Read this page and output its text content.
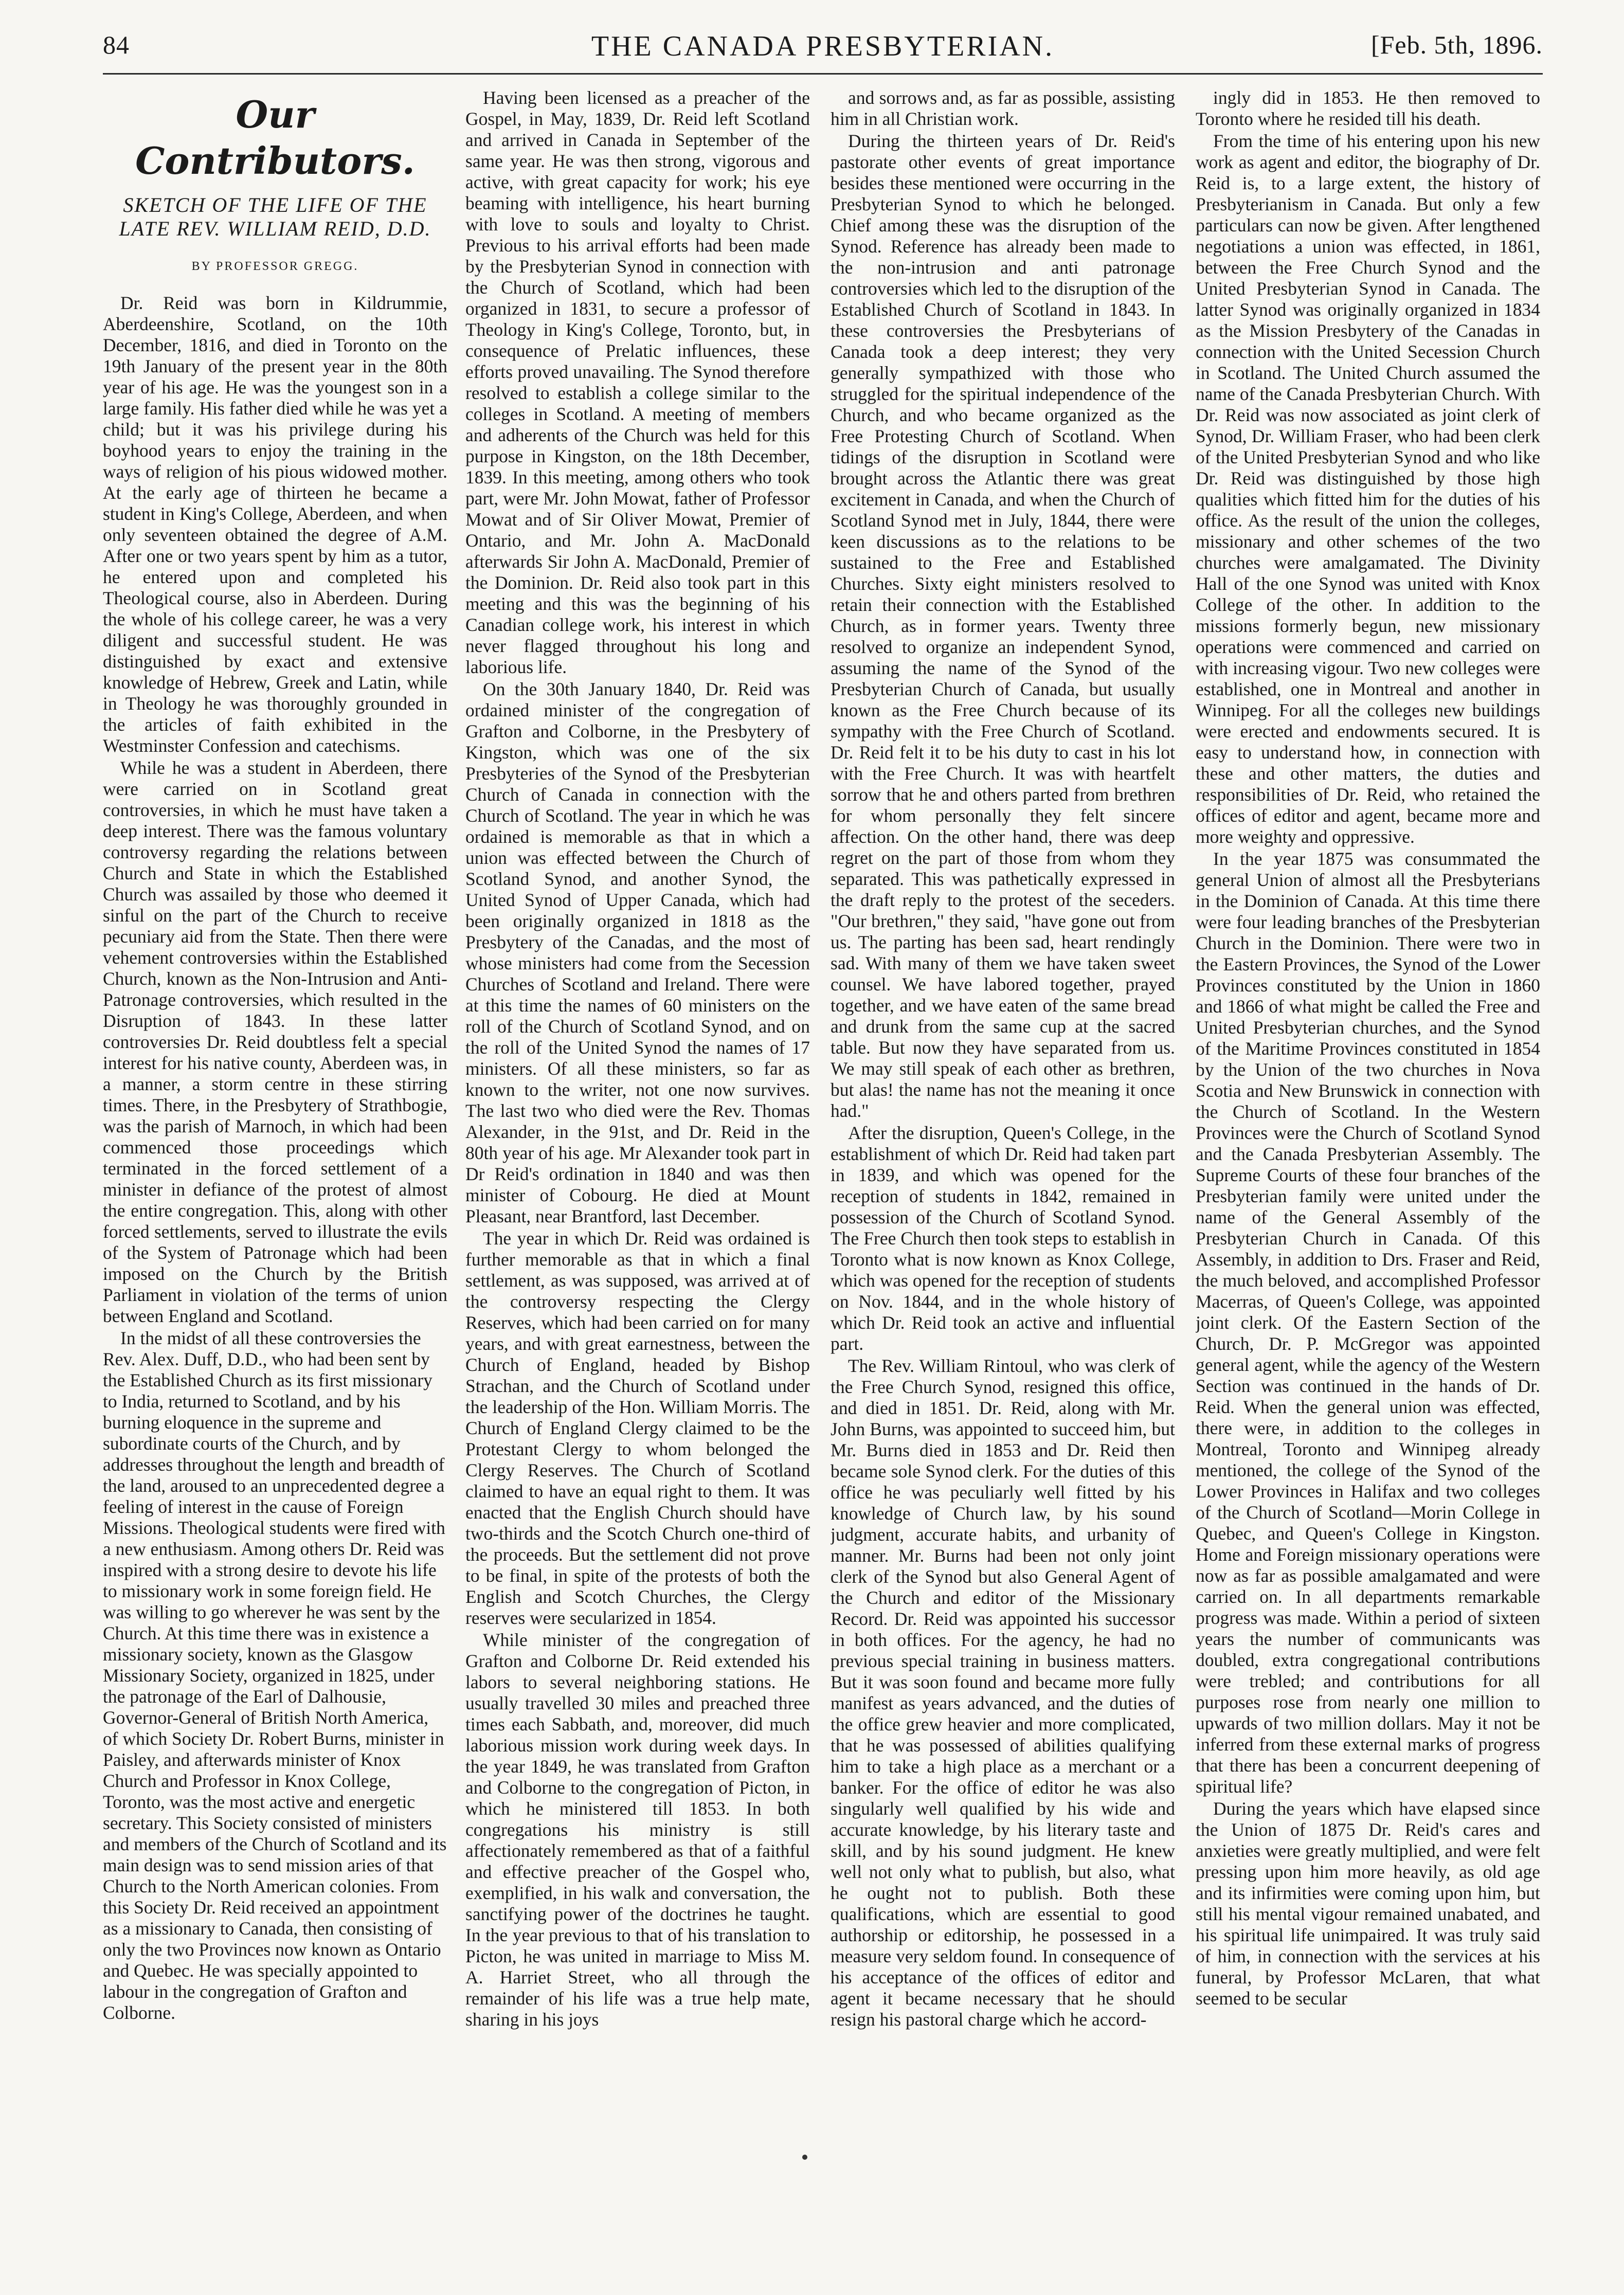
84	THE CANADA PRESBYTERIAN.	[Feb. 5th, 1896.
Our Contributors.
SKETCH OF THE LIFE OF THE LATE REV. WILLIAM REID, D.D.
BY PROFESSOR GREGG.

Dr. Reid was born in Kildrummie, Aberdeenshire, Scotland, on the 10th December, 1816, and died in Toronto on the 19th January of the present year in the 80th year of his age. He was the youngest son in a large family. His father died while he was yet a child; but it was his privilege during his boyhood years to enjoy the training in the ways of religion of his pious widowed mother. At the early age of thirteen he became a student in King's College, Aberdeen, and when only seventeen obtained the degree of A.M. After one or two years spent by him as a tutor, he entered upon and completed his Theological course, also in Aberdeen. During the whole of his college career, he was a very diligent and successful student. He was distinguished by exact and extensive knowledge of Hebrew, Greek and Latin, while in Theology he was thoroughly grounded in the articles of faith exhibited in the Westminster Confession and catechisms.

While he was a student in Aberdeen, there were carried on in Scotland great controversies, in which he must have taken a deep interest. There was the famous voluntary controversy regarding the relations between Church and State in which the Established Church was assailed by those who deemed it sinful on the part of the Church to receive pecuniary aid from the State. Then there were vehement controversies within the Established Church, known as the Non-Intrusion and Anti-Patronage controversies, which resulted in the Disruption of 1843. In these latter controversies Dr. Reid doubtless felt a special interest for his native county, Aberdeen was, in a manner, a storm centre in these stirring times. There, in the Presbytery of Strathbogie, was the parish of Marnoch, in which had been commenced those proceedings which terminated in the forced settlement of a minister in defiance of the protest of almost the entire congregation. This, along with other forced settlements, served to illustrate the evils of the System of Patronage which had been imposed on the Church by the British Parliament in violation of the terms of union between England and Scotland.

In the midst of all these controversies the Rev. Alex. Duff, D.D., who had been sent by the Established Church as its first missionary to India, returned to Scotland, and by his burning eloquence in the supreme and subordinate courts of the Church, and by addresses throughout the length and breadth of the land, aroused to an unprecedented degree a feeling of interest in the cause of Foreign Missions. Theological students were fired with a new enthusiasm. Among others Dr. Reid was inspired with a strong desire to devote his life to missionary work in some foreign field. He was willing to go wherever he was sent by the Church. At this time there was in existence a missionary society, known as the Glasgow Missionary Society, organized in 1825, under the patronage of the Earl of Dalhousie, Governor-General of British North America, of which Society Dr. Robert Burns, minister in Paisley, and afterwards minister of Knox Church and Professor in Knox College, Toronto, was the most active and energetic secretary. This Society consisted of ministers and members of the Church of Scotland and its main design was to send mission aries of that Church to the North American colonies. From this Society Dr. Reid received an appointment as a missionary to Canada, then consisting of only the two Provinces now known as Ontario and Quebec. He was specially appointed to labour in the congregation of Grafton and Colborne.

Having been licensed as a preacher of the Gospel, in May, 1839, Dr. Reid left Scotland and arrived in Canada in September of the same year. He was then strong, vigorous and active, with great capacity for work; his eye beaming with intelligence, his heart burning with love to souls and loyalty to Christ. Previous to his arrival efforts had been made by the Presbyterian Synod in connection with the Church of Scotland, which had been organized in 1831, to secure a professor of Theology in King's College, Toronto, but, in consequence of Prelatic influences, these efforts proved unavailing. The Synod therefore resolved to establish a college similar to the colleges in Scotland. A meeting of members and adherents of the Church was held for this purpose in Kingston, on the 18th December, 1839. In this meeting, among others who took part, were Mr. John Mowat, father of Professor Mowat and of Sir Oliver Mowat, Premier of Ontario, and Mr. John A. MacDonald afterwards Sir John A. MacDonald, Premier of the Dominion. Dr. Reid also took part in this meeting and this was the beginning of his Canadian college work, his interest in which never flagged throughout his long and laborious life.

On the 30th January 1840, Dr. Reid was ordained minister of the congregation of Grafton and Colborne, in the Presbytery of Kingston, which was one of the six Presbyteries of the Synod of the Presbyterian Church of Canada in connection with the Church of Scotland. The year in which he was ordained is memorable as that in which a union was effected between the Church of Scotland Synod, and another Synod, the United Synod of Upper Canada, which had been originally organized in 1818 as the Presbytery of the Canadas, and the most of whose ministers had come from the Secession Churches of Scotland and Ireland. There were at this time the names of 60 ministers on the roll of the Church of Scotland Synod, and on the roll of the United Synod the names of 17 ministers. Of all these ministers, so far as known to the writer, not one now survives. The last two who died were the Rev. Thomas Alexander, in the 91st, and Dr. Reid in the 80th year of his age. Mr Alexander took part in Dr Reid's ordination in 1840 and was then minister of Cobourg. He died at Mount Pleasant, near Brantford, last December.

The year in which Dr. Reid was ordained is further memorable as that in which a final settlement, as was supposed, was arrived at of the controversy respecting the Clergy Reserves, which had been carried on for many years, and with great earnestness, between the Church of England, headed by Bishop Strachan, and the Church of Scotland under the leadership of the Hon. William Morris. The Church of England Clergy claimed to be the Protestant Clergy to whom belonged the Clergy Reserves. The Church of Scotland claimed to have an equal right to them. It was enacted that the English Church should have two-thirds and the Scotch Church one-third of the proceeds. But the settlement did not prove to be final, in spite of the protests of both the English and Scotch Churches, the Clergy reserves were secularized in 1854.

While minister of the congregation of Grafton and Colborne Dr. Reid extended his labors to several neighboring stations. He usually travelled 30 miles and preached three times each Sabbath, and, moreover, did much laborious mission work during week days. In the year 1849, he was translated from Grafton and Colborne to the congregation of Picton, in which he ministered till 1853. In both congregations his ministry is still affectionately remembered as that of a faithful and effective preacher of the Gospel who, exemplified, in his walk and conversation, the sanctifying power of the doctrines he taught. In the year previous to that of his translation to Picton, he was united in marriage to Miss M. A. Harriet Street, who all through the remainder of his life was a true help mate, sharing in his joys

and sorrows and, as far as possible, assisting him in all Christian work.

During the thirteen years of Dr. Reid's pastorate other events of great importance besides these mentioned were occurring in the Presbyterian Synod to which he belonged. Chief among these was the disruption of the Synod. Reference has already been made to the non-intrusion and anti patronage controversies which led to the disruption of the Established Church of Scotland in 1843. In these controversies the Presbyterians of Canada took a deep interest; they very generally sympathized with those who struggled for the spiritual independence of the Church, and who became organized as the Free Protesting Church of Scotland. When tidings of the disruption in Scotland were brought across the Atlantic there was great excitement in Canada, and when the Church of Scotland Synod met in July, 1844, there were keen discussions as to the relations to be sustained to the Free and Established Churches. Sixty eight ministers resolved to retain their connection with the Established Church, as in former years. Twenty three resolved to organize an independent Synod, assuming the name of the Synod of the Presbyterian Church of Canada, but usually known as the Free Church because of its sympathy with the Free Church of Scotland. Dr. Reid felt it to be his duty to cast in his lot with the Free Church. It was with heartfelt sorrow that he and others parted from brethren for whom personally they felt sincere affection. On the other hand, there was deep regret on the part of those from whom they separated. This was pathetically expressed in the draft reply to the protest of the seceders. "Our brethren," they said, "have gone out from us. The parting has been sad, heart rendingly sad. With many of them we have taken sweet counsel. We have labored together, prayed together, and we have eaten of the same bread and drunk from the same cup at the sacred table. But now they have separated from us. We may still speak of each other as brethren, but alas! the name has not the meaning it once had."

After the disruption, Queen's College, in the establishment of which Dr. Reid had taken part in 1839, and which was opened for the reception of students in 1842, remained in possession of the Church of Scotland Synod. The Free Church then took steps to establish in Toronto what is now known as Knox College, which was opened for the reception of students on Nov. 1844, and in the whole history of which Dr. Reid took an active and influential part.

The Rev. William Rintoul, who was clerk of the Free Church Synod, resigned this office, and died in 1851. Dr. Reid, along with Mr. John Burns, was appointed to succeed him, but Mr. Burns died in 1853 and Dr. Reid then became sole Synod clerk. For the duties of this office he was peculiarly well fitted by his knowledge of Church law, by his sound judgment, accurate habits, and urbanity of manner. Mr. Burns had been not only joint clerk of the Synod but also General Agent of the Church and editor of the Missionary Record. Dr. Reid was appointed his successor in both offices. For the agency, he had no previous special training in business matters. But it was soon found and became more fully manifest as years advanced, and the duties of the office grew heavier and more complicated, that he was possessed of abilities qualifying him to take a high place as a merchant or a banker. For the office of editor he was also singularly well qualified by his wide and accurate knowledge, by his literary taste and skill, and by his sound judgment. He knew well not only what to publish, but also, what he ought not to publish. Both these qualifications, which are essential to good authorship or editorship, he possessed in a measure very seldom found. In consequence of his acceptance of the offices of editor and agent it became necessary that he should resign his pastoral charge which he accord-

ingly did in 1853. He then removed to Toronto where he resided till his death.

From the time of his entering upon his new work as agent and editor, the biography of Dr. Reid is, to a large extent, the history of Presbyterianism in Canada. But only a few particulars can now be given. After lengthened negotiations a union was effected, in 1861, between the Free Church Synod and the United Presbyterian Synod in Canada. The latter Synod was originally organized in 1834 as the Mission Presbytery of the Canadas in connection with the United Secession Church in Scotland. The United Church assumed the name of the Canada Presbyterian Church. With Dr. Reid was now associated as joint clerk of Synod, Dr. William Fraser, who had been clerk of the United Presbyterian Synod and who like Dr. Reid was distinguished by those high qualities which fitted him for the duties of his office. As the result of the union the colleges, missionary and other schemes of the two churches were amalgamated. The Divinity Hall of the one Synod was united with Knox College of the other. In addition to the missions formerly begun, new missionary operations were commenced and carried on with increasing vigour. Two new colleges were established, one in Montreal and another in Winnipeg. For all the colleges new buildings were erected and endowments secured. It is easy to understand how, in connection with these and other matters, the duties and responsibilities of Dr. Reid, who retained the offices of editor and agent, became more and more weighty and oppressive.

In the year 1875 was consummated the general Union of almost all the Presbyterians in the Dominion of Canada. At this time there were four leading branches of the Presbyterian Church in the Dominion. There were two in the Eastern Provinces, the Synod of the Lower Provinces constituted by the Union in 1860 and 1866 of what might be called the Free and United Presbyterian churches, and the Synod of the Maritime Provinces constituted in 1854 by the Union of the two churches in Nova Scotia and New Brunswick in connection with the Church of Scotland. In the Western Provinces were the Church of Scotland Synod and the Canada Presbyterian Assembly. The Supreme Courts of these four branches of the Presbyterian family were united under the name of the General Assembly of the Presbyterian Church in Canada. Of this Assembly, in addition to Drs. Fraser and Reid, the much beloved, and accomplished Professor Macerras, of Queen's College, was appointed joint clerk. Of the Eastern Section of the Church, Dr. P. McGregor was appointed general agent, while the agency of the Western Section was continued in the hands of Dr. Reid. When the general union was effected, there were, in addition to the colleges in Montreal, Toronto and Winnipeg already mentioned, the college of the Synod of the Lower Provinces in Halifax and two colleges of the Church of Scotland—Morin College in Quebec, and Queen's College in Kingston. Home and Foreign missionary operations were now as far as possible amalgamated and were carried on. In all departments remarkable progress was made. Within a period of sixteen years the number of communicants was doubled, extra congregational contributions were trebled; and contributions for all purposes rose from nearly one million to upwards of two million dollars. May it not be inferred from these external marks of progress that there has been a concurrent deepening of spiritual life?

During the years which have elapsed since the Union of 1875 Dr. Reid's cares and anxieties were greatly multiplied, and were felt pressing upon him more heavily, as old age and its infirmities were coming upon him, but still his mental vigour remained unabated, and his spiritual life unimpaired. It was truly said of him, in connection with the services at his funeral, by Professor McLaren, that what seemed to be secular
